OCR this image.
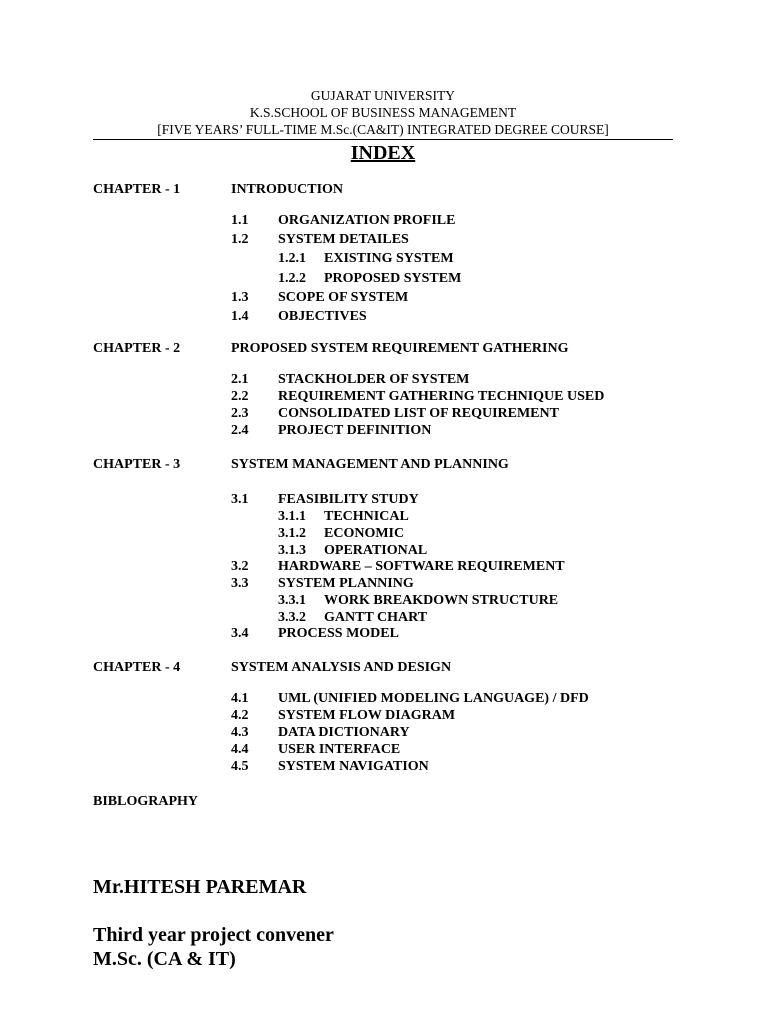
GUJARAT UNIVERSITY
K.S.SCHOOL OF BUSINESS MANAGEMENT
[FIVE YEARS’ FULL-TIME M.Sc.(CA&IT) INTEGRATED DEGREE COURSE]
INDEX
CHAPTER - 1	INTRODUCTION
1.1 ORGANIZATION PROFILE
1.2 SYSTEM DETAILES
1.2.1 EXISTING SYSTEM
1.2.2 PROPOSED SYSTEM
1.3 SCOPE OF SYSTEM
1.4 OBJECTIVES
CHAPTER - 2	PROPOSED SYSTEM REQUIREMENT GATHERING
2.1 STACKHOLDER OF SYSTEM
2.2 REQUIREMENT GATHERING TECHNIQUE USED
2.3 CONSOLIDATED LIST OF REQUIREMENT
2.4 PROJECT DEFINITION
CHAPTER - 3	SYSTEM MANAGEMENT AND PLANNING
3.1 FEASIBILITY STUDY
3.1.1 TECHNICAL
3.1.2 ECONOMIC
3.1.3 OPERATIONAL
3.2 HARDWARE – SOFTWARE REQUIREMENT
3.3 SYSTEM PLANNING
3.3.1 WORK BREAKDOWN STRUCTURE
3.3.2 GANTT CHART
3.4 PROCESS MODEL
CHAPTER - 4	SYSTEM ANALYSIS AND DESIGN
4.1 UML (UNIFIED MODELING LANGUAGE) / DFD
4.2 SYSTEM FLOW DIAGRAM
4.3 DATA DICTIONARY
4.4 USER INTERFACE
4.5 SYSTEM NAVIGATION
BIBLOGRAPHY
Mr.HITESH PAREMAR
Third year project convener
M.Sc. (CA & IT)
